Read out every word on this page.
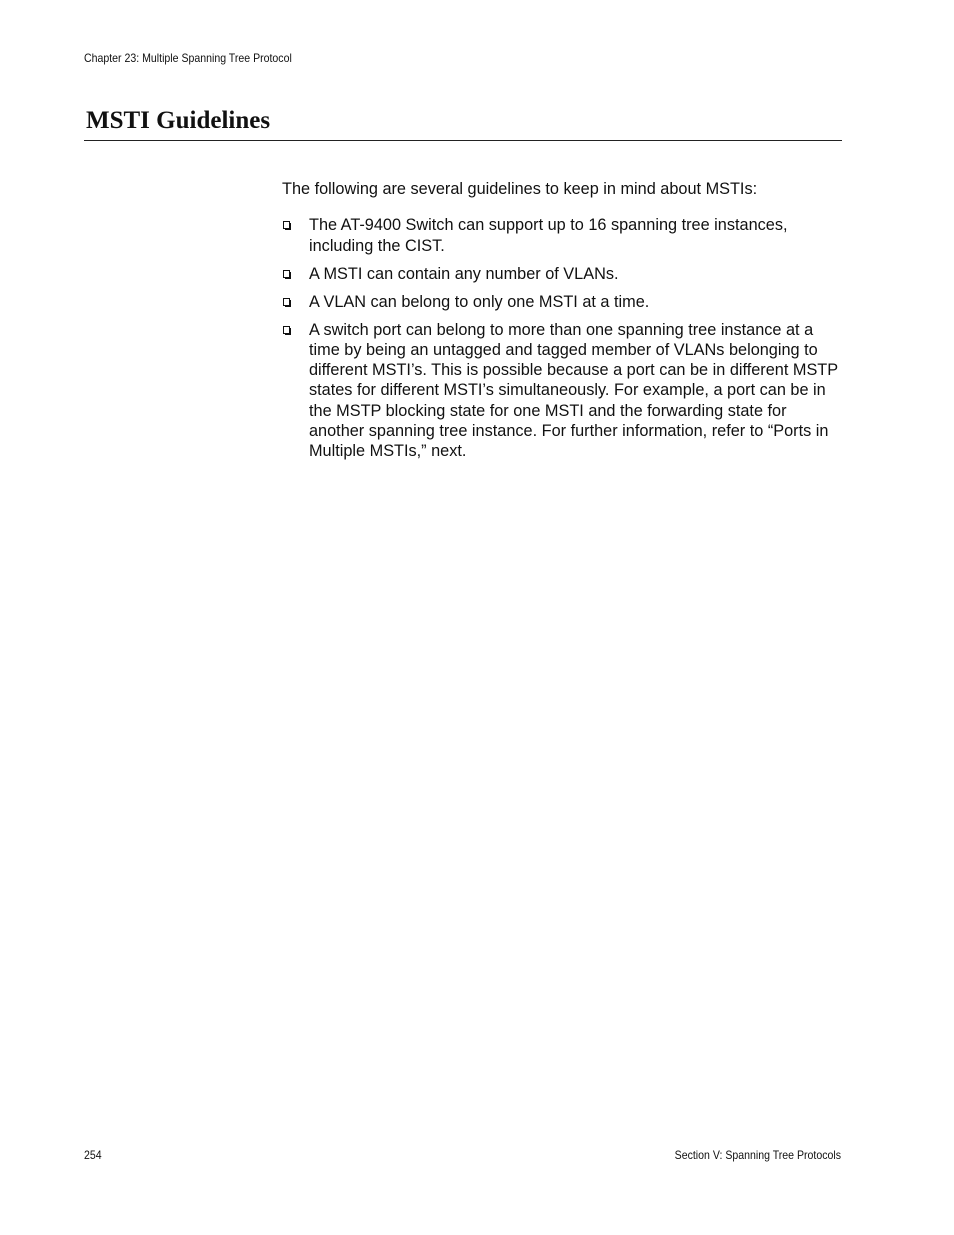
Chapter 23: Multiple Spanning Tree Protocol
MSTI Guidelines

The following are several guidelines to keep in mind about MSTIs:

The AT-9400 Switch can support up to 16 spanning tree instances, including the CIST.
A MSTI can contain any number of VLANs.
A VLAN can belong to only one MSTI at a time.
A switch port can belong to more than one spanning tree instance at a time by being an untagged and tagged member of VLANs belonging to different MSTI’s. This is possible because a port can be in different MSTP states for different MSTI’s simultaneously. For example, a port can be in the MSTP blocking state for one MSTI and the forwarding state for another spanning tree instance. For further information, refer to “Ports in Multiple MSTIs,” next.
254	Section V: Spanning Tree Protocols
